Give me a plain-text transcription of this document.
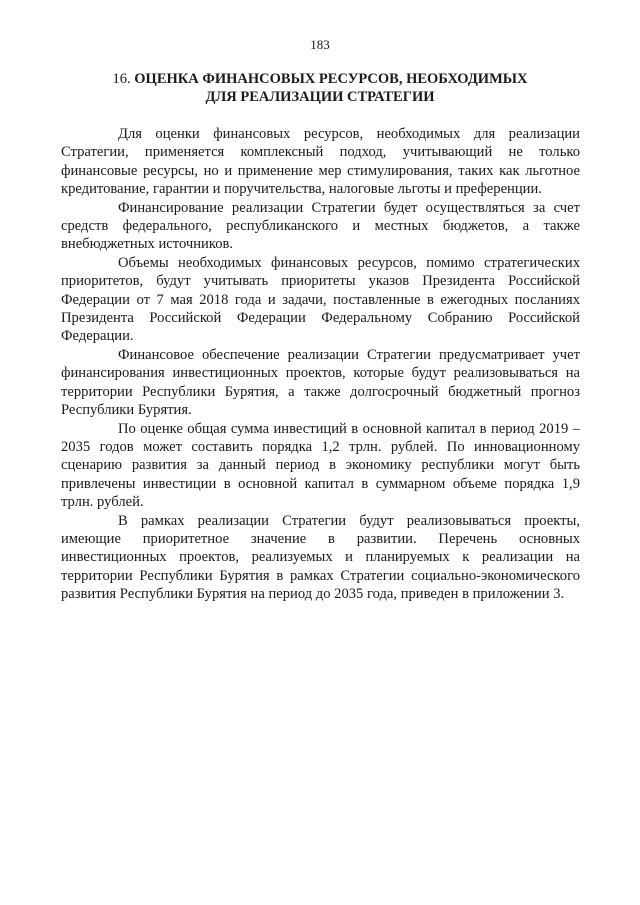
183
16. ОЦЕНКА ФИНАНСОВЫХ РЕСУРСОВ, НЕОБХОДИМЫХ
ДЛЯ РЕАЛИЗАЦИИ СТРАТЕГИИ

Для оценки финансовых ресурсов, необходимых для реализации Стратегии, применяется комплексный подход, учитывающий не только финансовые ресурсы, но и применение мер стимулирования, таких как льготное кредитование, гарантии и поручительства, налоговые льготы и преференции.

Финансирование реализации Стратегии будет осуществляться за счет средств федерального, республиканского и местных бюджетов, а также внебюджетных источников.

Объемы необходимых финансовых ресурсов, помимо стратегических приоритетов, будут учитывать приоритеты указов Президента Российской Федерации от 7 мая 2018 года и задачи, поставленные в ежегодных посланиях Президента Российской Федерации Федеральному Собранию Российской Федерации.

Финансовое обеспечение реализации Стратегии предусматривает учет финансирования инвестиционных проектов, которые будут реализовываться на территории Республики Бурятия, а также долгосрочный бюджетный прогноз Республики Бурятия.

По оценке общая сумма инвестиций в основной капитал в период 2019 – 2035 годов может составить порядка 1,2 трлн. рублей. По инновационному сценарию развития за данный период в экономику республики могут быть привлечены инвестиции в основной капитал в суммарном объеме порядка 1,9 трлн. рублей.

В рамках реализации Стратегии будут реализовываться проекты, имеющие приоритетное значение в развитии. Перечень основных инвестиционных проектов, реализуемых и планируемых к реализации на территории Республики Бурятия в рамках Стратегии социально-экономического развития Республики Бурятия на период до 2035 года, приведен в приложении 3.
